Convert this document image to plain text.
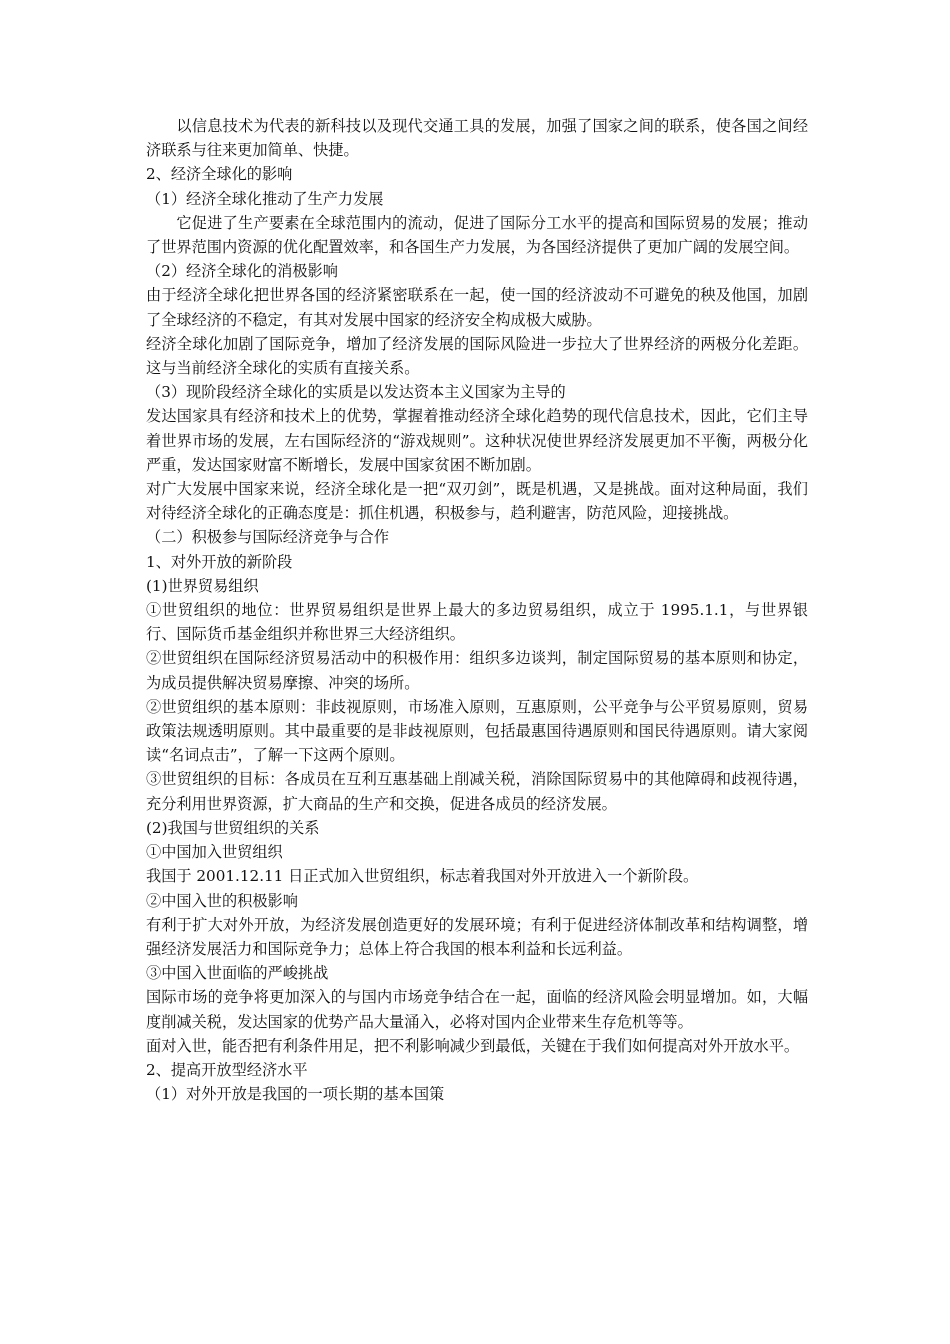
以信息技术为代表的新科技以及现代交通工具的发展，加强了国家之间的联系，使各国之间经济联系与往来更加简单、快捷。

2、经济全球化的影响

（1）经济全球化推动了生产力发展

它促进了生产要素在全球范围内的流动，促进了国际分工水平的提高和国际贸易的发展；推动了世界范围内资源的优化配置效率，和各国生产力发展，为各国经济提供了更加广阔的发展空间。

（2）经济全球化的消极影响

由于经济全球化把世界各国的经济紧密联系在一起，使一国的经济波动不可避免的秧及他国，加剧了全球经济的不稳定，有其对发展中国家的经济安全构成极大威胁。

经济全球化加剧了国际竞争，增加了经济发展的国际风险进一步拉大了世界经济的两极分化差距。这与当前经济全球化的实质有直接关系。

（3）现阶段经济全球化的实质是以发达资本主义国家为主导的

发达国家具有经济和技术上的优势，掌握着推动经济全球化趋势的现代信息技术，因此，它们主导着世界市场的发展，左右国际经济的“游戏规则”。这种状况使世界经济发展更加不平衡，两极分化严重，发达国家财富不断增长，发展中国家贫困不断加剧。

对广大发展中国家来说，经济全球化是一把“双刃剑”，既是机遇，又是挑战。面对这种局面，我们对待经济全球化的正确态度是：抓住机遇，积极参与，趋利避害，防范风险，迎接挑战。

（二）积极参与国际经济竞争与合作

1、对外开放的新阶段

(1)世界贸易组织

①世贸组织的地位：世界贸易组织是世界上最大的多边贸易组织，成立于 1995.1.1，与世界银行、国际货币基金组织并称世界三大经济组织。

②世贸组织在国际经济贸易活动中的积极作用：组织多边谈判，制定国际贸易的基本原则和协定，为成员提供解决贸易摩擦、冲突的场所。

②世贸组织的基本原则：非歧视原则，市场准入原则，互惠原则，公平竞争与公平贸易原则，贸易政策法规透明原则。其中最重要的是非歧视原则，包括最惠国待遇原则和国民待遇原则。请大家阅读“名词点击”，了解一下这两个原则。

③世贸组织的目标：各成员在互利互惠基础上削减关税，消除国际贸易中的其他障碍和歧视待遇，充分利用世界资源，扩大商品的生产和交换，促进各成员的经济发展。

(2)我国与世贸组织的关系

①中国加入世贸组织

我国于 2001.12.11 日正式加入世贸组织，标志着我国对外开放进入一个新阶段。

②中国入世的积极影响

有利于扩大对外开放，为经济发展创造更好的发展环境；有利于促进经济体制改革和结构调整，增强经济发展活力和国际竞争力；总体上符合我国的根本利益和长远利益。

③中国入世面临的严峻挑战

国际市场的竞争将更加深入的与国内市场竞争结合在一起，面临的经济风险会明显增加。如，大幅度削减关税，发达国家的优势产品大量涌入，必将对国内企业带来生存危机等等。

面对入世，能否把有利条件用足，把不利影响减少到最低，关键在于我们如何提高对外开放水平。

2、提高开放型经济水平

（1）对外开放是我国的一项长期的基本国策
